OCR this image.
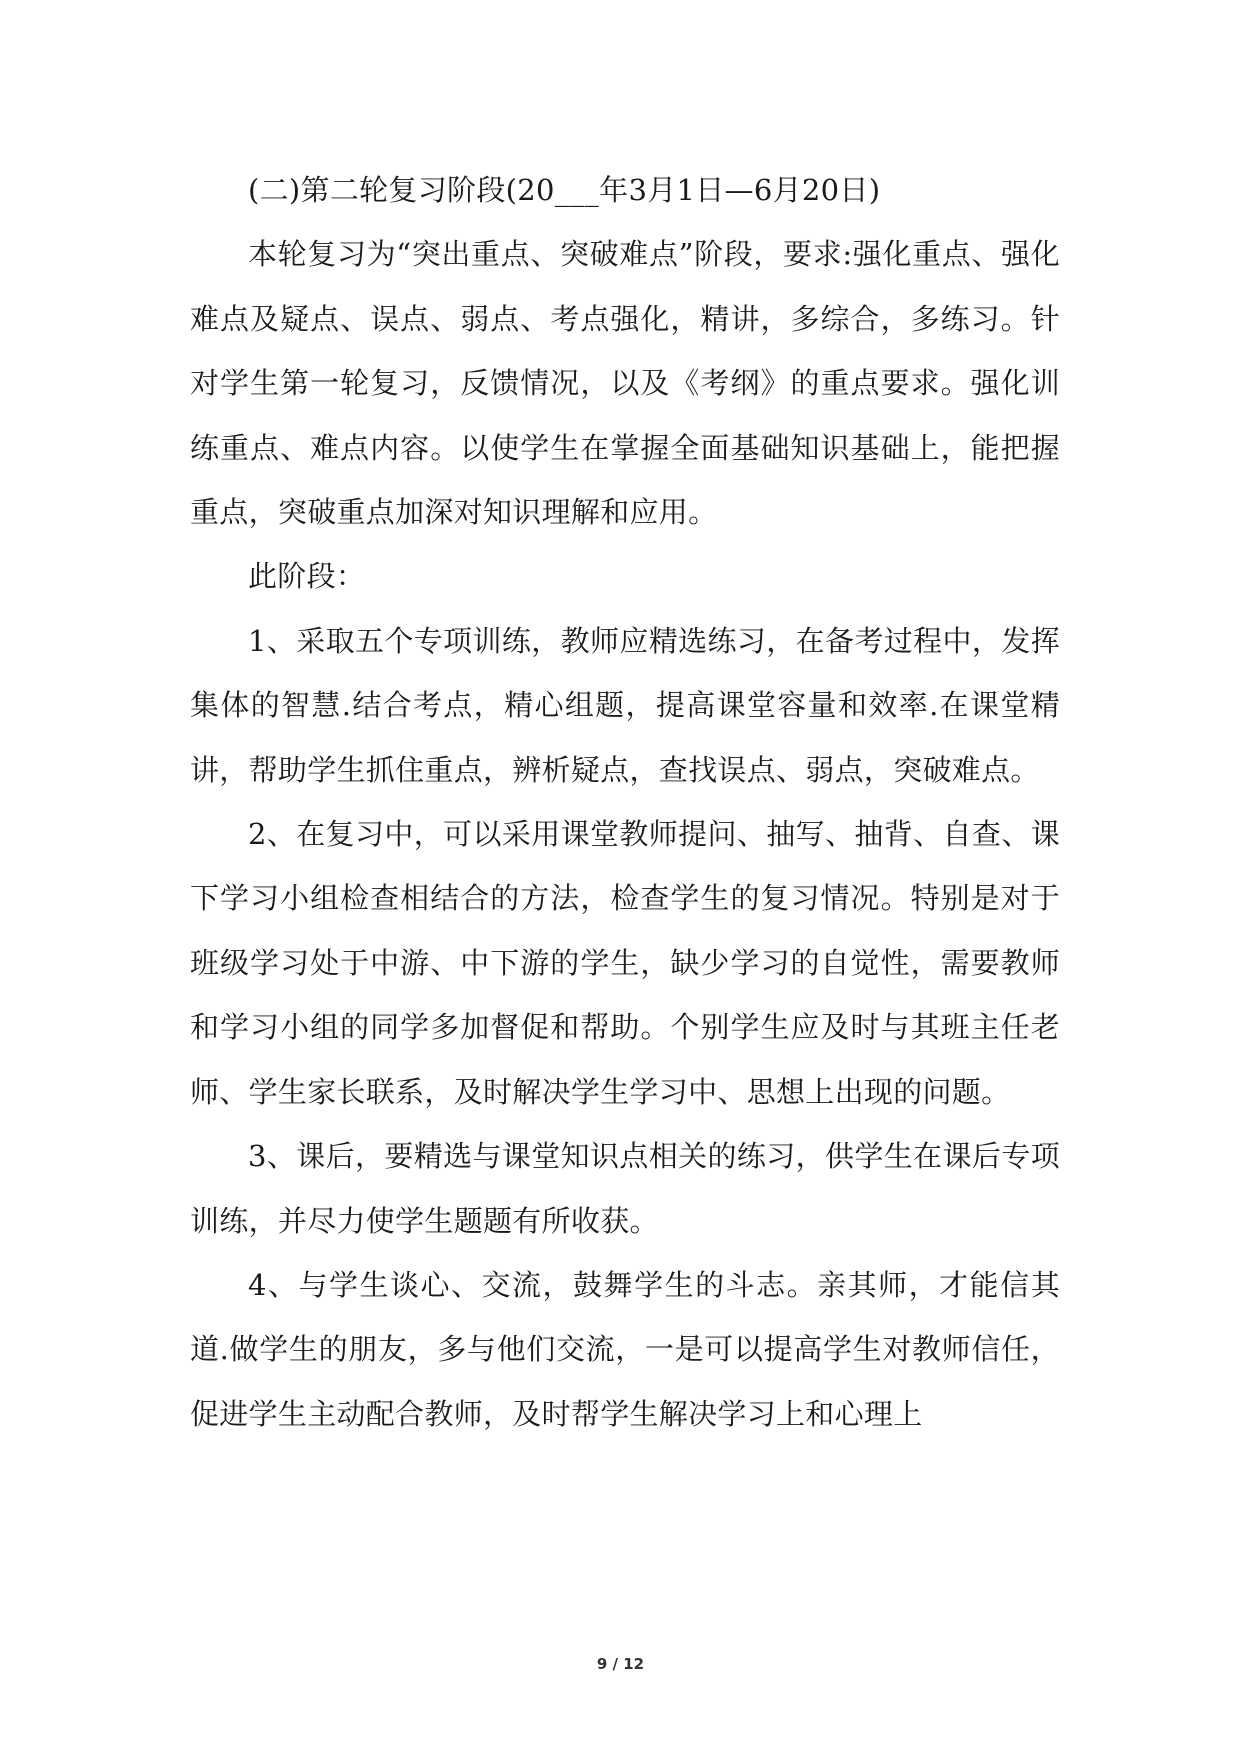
(二)第二轮复习阶段(20___年3月1日—6月20日)

本轮复习为“突出重点、突破难点”阶段，要求:强化重点、强化难点及疑点、误点、弱点、考点强化，精讲，多综合，多练习。针对学生第一轮复习，反馈情况，以及《考纲》的重点要求。强化训练重点、难点内容。以使学生在掌握全面基础知识基础上，能把握重点，突破重点加深对知识理解和应用。

此阶段：

1、采取五个专项训练，教师应精选练习，在备考过程中，发挥集体的智慧.结合考点，精心组题，提高课堂容量和效率.在课堂精讲，帮助学生抓住重点，辨析疑点，查找误点、弱点，突破难点。

2、在复习中，可以采用课堂教师提问、抽写、抽背、自查、课下学习小组检查相结合的方法，检查学生的复习情况。特别是对于班级学习处于中游、中下游的学生，缺少学习的自觉性，需要教师和学习小组的同学多加督促和帮助。个别学生应及时与其班主任老师、学生家长联系，及时解决学生学习中、思想上出现的问题。

3、课后，要精选与课堂知识点相关的练习，供学生在课后专项训练，并尽力使学生题题有所收获。

4、与学生谈心、交流，鼓舞学生的斗志。亲其师，才能信其道.做学生的朋友，多与他们交流，一是可以提高学生对教师信任，促进学生主动配合教师，及时帮学生解决学习上和心理上

9 / 12
